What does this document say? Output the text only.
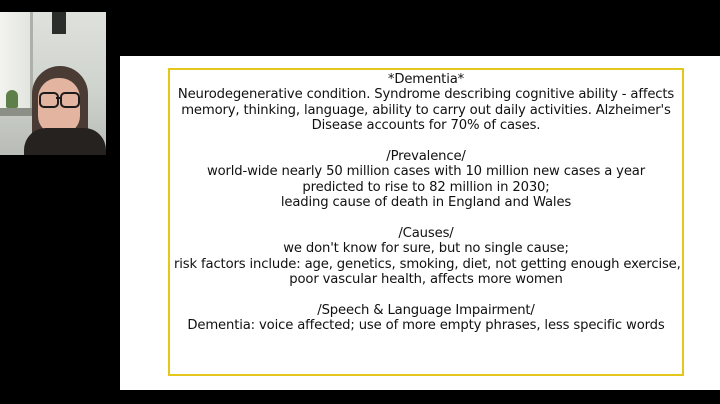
*Dementia*

Neurodegenerative condition. Syndrome describing cognitive ability - affects

memory, thinking, language, ability to carry out daily activities. Alzheimer's

Disease accounts for 70% of cases.

/Prevalence/

world-wide nearly 50 million cases with 10 million new cases a year

predicted to rise to 82 million in 2030;

leading cause of death in England and Wales

/Causes/

we don't know for sure, but no single cause;

risk factors include: age, genetics, smoking, diet, not getting enough exercise,

poor vascular health, affects more women

/Speech & Language Impairment/

Dementia: voice affected; use of more empty phrases, less specific words
